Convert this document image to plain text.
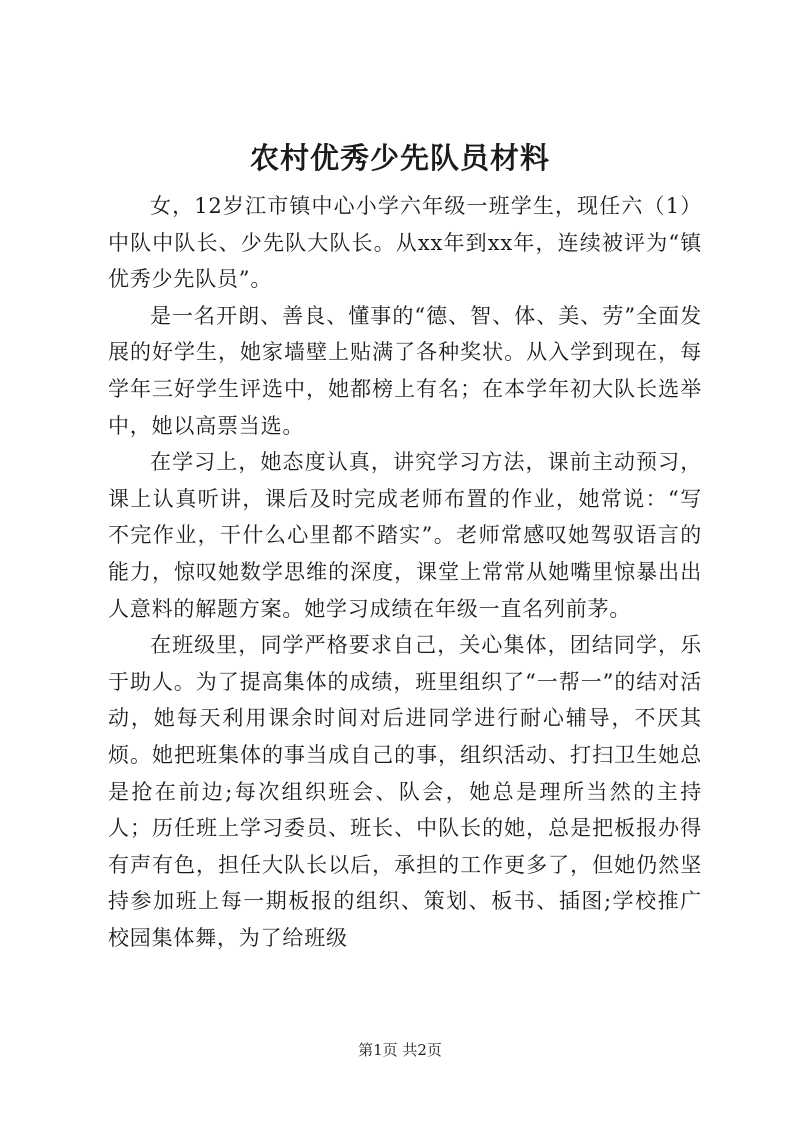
农村优秀少先队员材料

女，12岁江市镇中心小学六年级一班学生，现任六（1）中队中队长、少先队大队长。从xx年到xx年，连续被评为“镇优秀少先队员”。

是一名开朗、善良、懂事的“德、智、体、美、劳”全面发展的好学生，她家墙壁上贴满了各种奖状。从入学到现在，每学年三好学生评选中，她都榜上有名；在本学年初大队长选举中，她以高票当选。

在学习上，她态度认真，讲究学习方法，课前主动预习，课上认真听讲，课后及时完成老师布置的作业，她常说：“写不完作业，干什么心里都不踏实”。老师常感叹她驾驭语言的能力，惊叹她数学思维的深度，课堂上常常从她嘴里惊暴出出人意料的解题方案。她学习成绩在年级一直名列前茅。

在班级里，同学严格要求自己，关心集体，团结同学，乐于助人。为了提高集体的成绩，班里组织了“一帮一”的结对活动，她每天利用课余时间对后进同学进行耐心辅导，不厌其烦。她把班集体的事当成自己的事，组织活动、打扫卫生她总是抢在前边;每次组织班会、队会，她总是理所当然的主持人；历任班上学习委员、班长、中队长的她，总是把板报办得有声有色，担任大队长以后，承担的工作更多了，但她仍然坚持参加班上每一期板报的组织、策划、板书、插图;学校推广校园集体舞，为了给班级

第1页 共2页
